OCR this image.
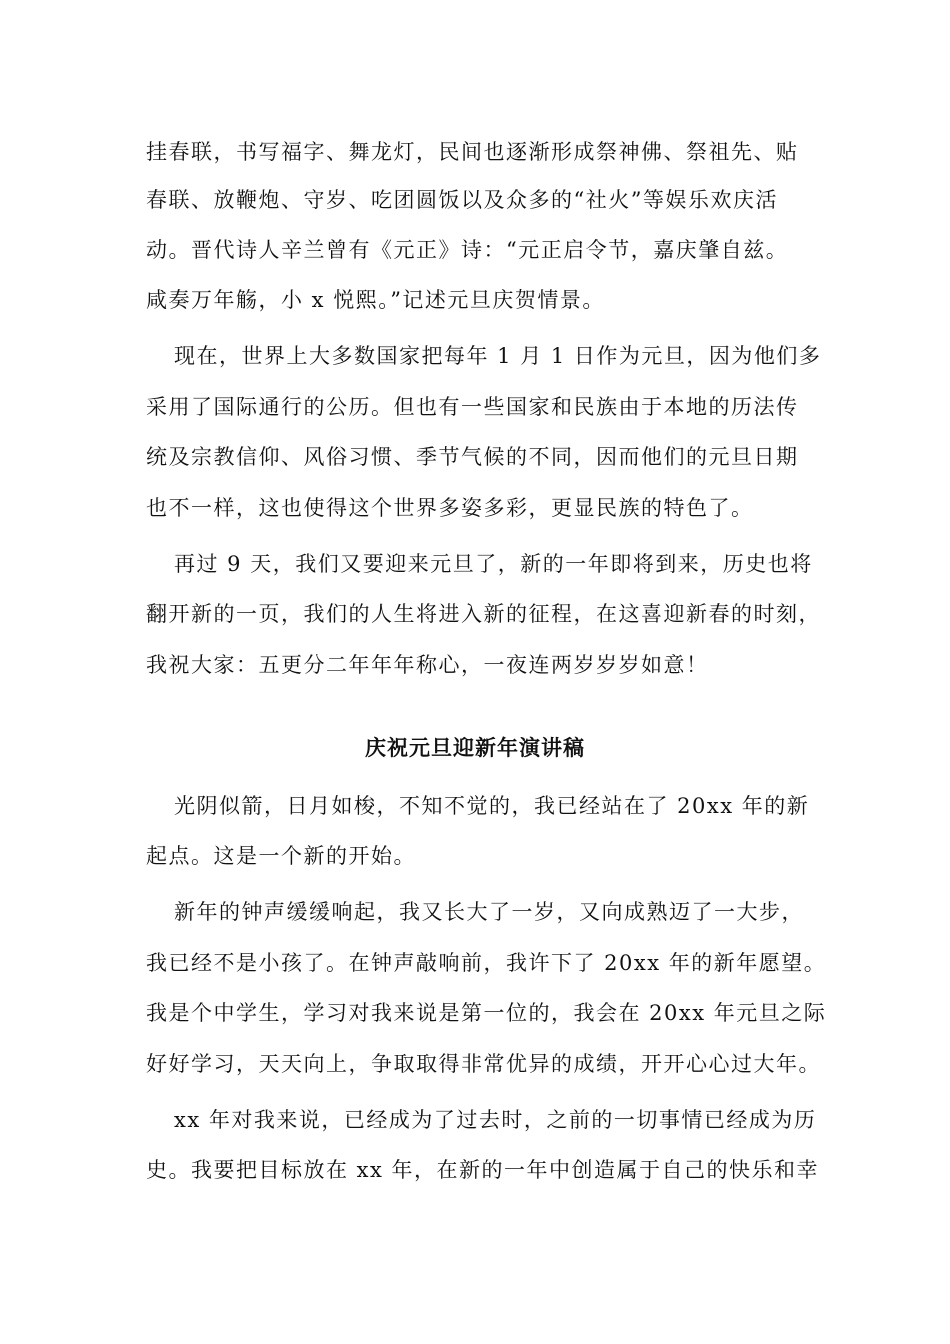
挂春联，书写福字、舞龙灯，民间也逐渐形成祭神佛、祭祖先、贴
春联、放鞭炮、守岁、吃团圆饭以及众多的“社火”等娱乐欢庆活
动。晋代诗人辛兰曾有《元正》诗：“元正启令节，嘉庆肇自兹。
咸奏万年觞，小 x 悦熙。”记述元旦庆贺情景。
现在，世界上大多数国家把每年 1 月 1 日作为元旦，因为他们多
采用了国际通行的公历。但也有一些国家和民族由于本地的历法传
统及宗教信仰、风俗习惯、季节气候的不同，因而他们的元旦日期
也不一样，这也使得这个世界多姿多彩，更显民族的特色了。
再过 9 天，我们又要迎来元旦了，新的一年即将到来，历史也将
翻开新的一页，我们的人生将进入新的征程，在这喜迎新春的时刻，
我祝大家：五更分二年年年称心，一夜连两岁岁岁如意！
庆祝元旦迎新年演讲稿
光阴似箭，日月如梭，不知不觉的，我已经站在了 20xx 年的新
起点。这是一个新的开始。
新年的钟声缓缓响起，我又长大了一岁，又向成熟迈了一大步，
我已经不是小孩了。在钟声敲响前，我许下了 20xx 年的新年愿望。
我是个中学生，学习对我来说是第一位的，我会在 20xx 年元旦之际
好好学习，天天向上，争取取得非常优异的成绩，开开心心过大年。
xx 年对我来说，已经成为了过去时，之前的一切事情已经成为历
史。我要把目标放在 xx 年，在新的一年中创造属于自己的快乐和幸
